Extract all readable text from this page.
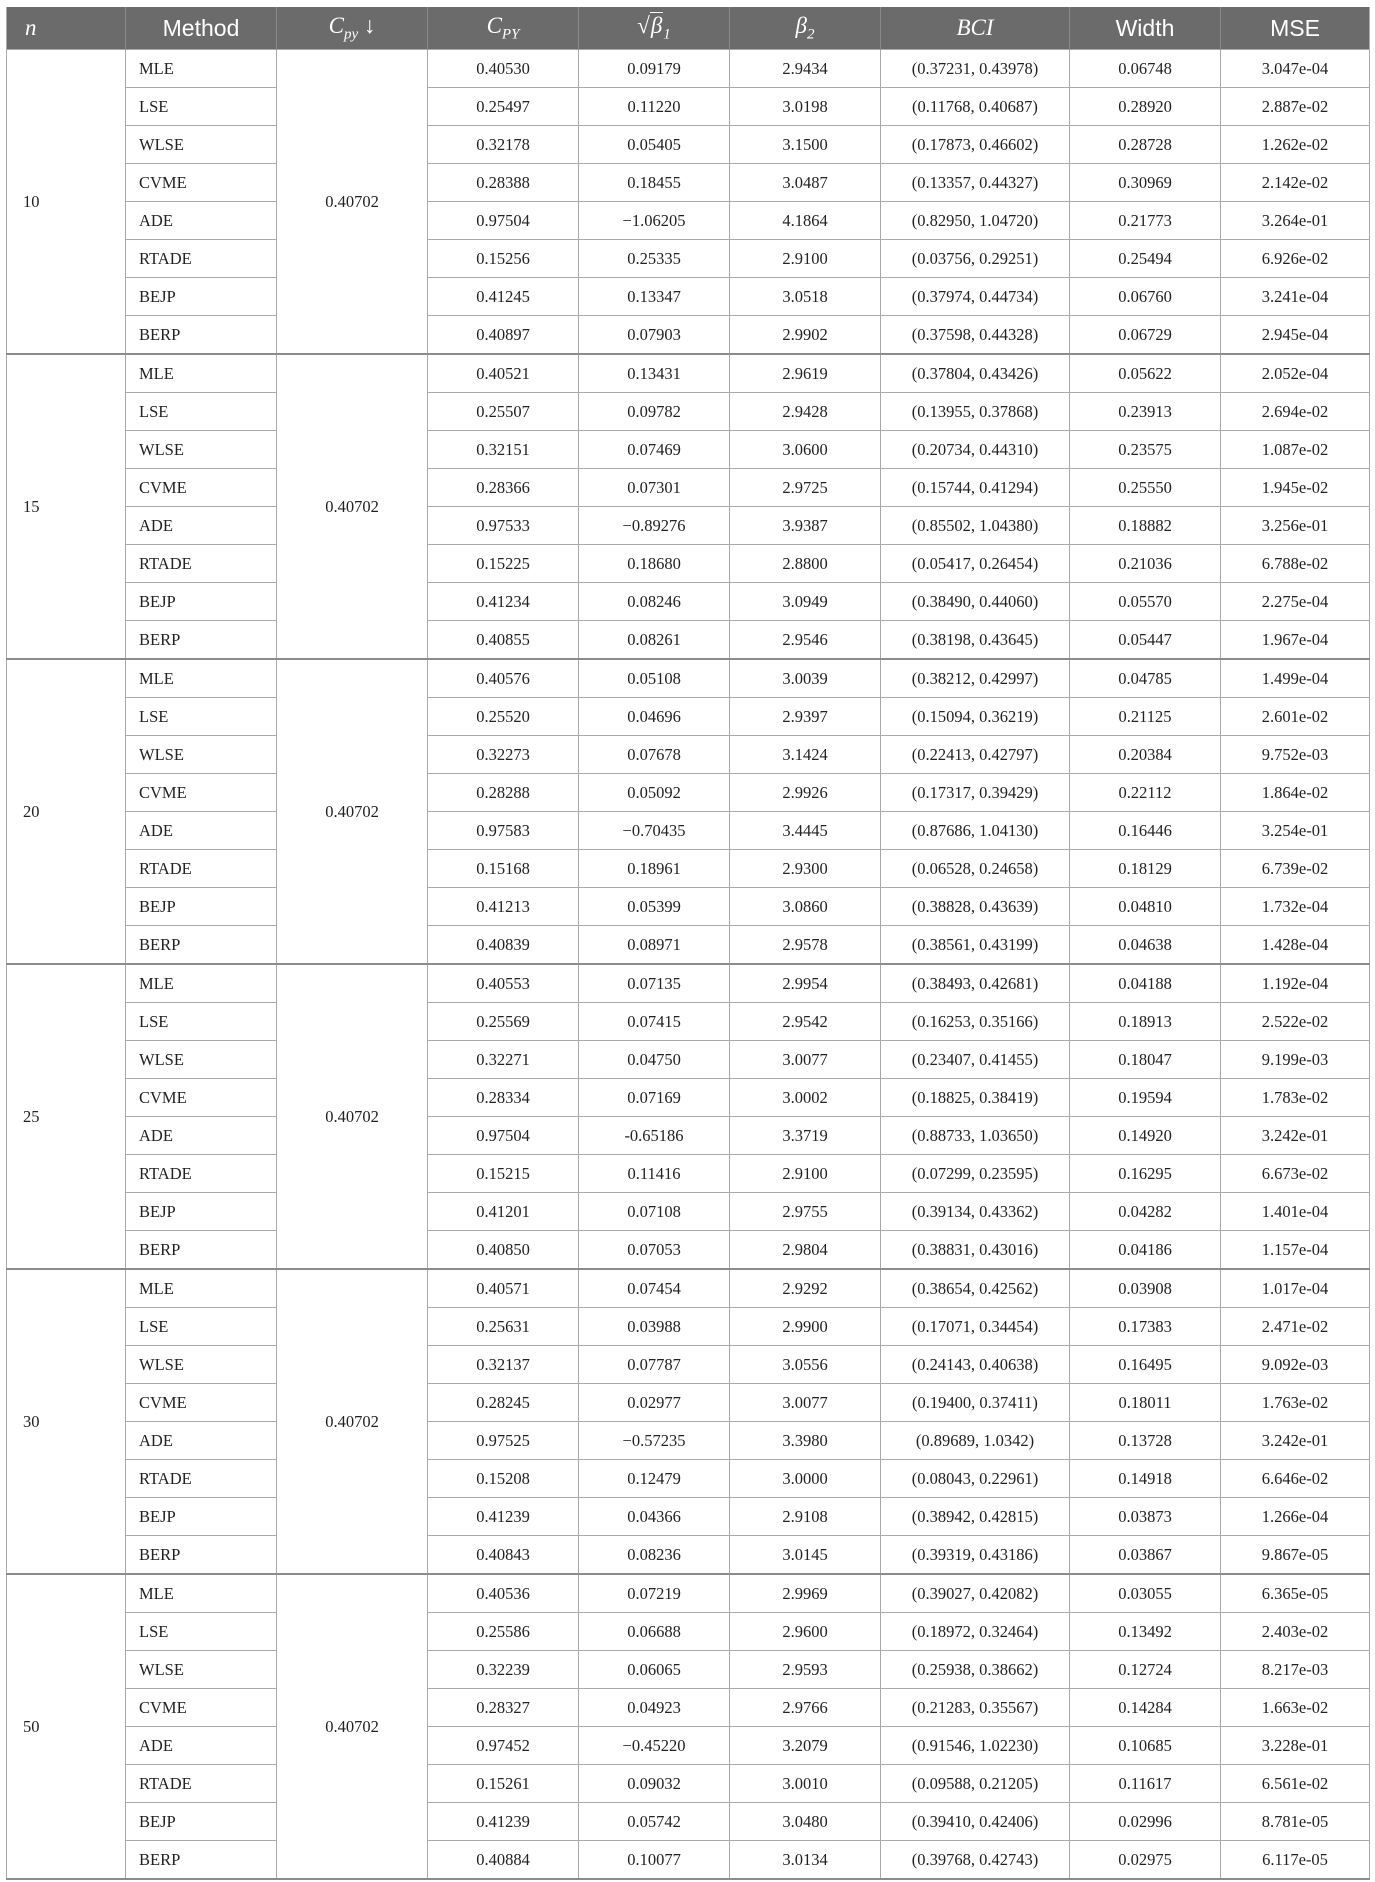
n	Method	$C_{py}$ ↓	ˆ $C_{PY}$	$√\beta_1$	$\beta_2$	BCI	Width	MSE
10	MLE	0.40702	0.40530	0.09179	2.9434	(0.37231, 0.43978)	0.06748	3.047e-04
	LSE		0.25497	0.11220	3.0198	(0.11768, 0.40687)	0.28920	2.887e-02
	WLSE		0.32178	0.05405	3.1500	(0.17873, 0.46602)	0.28728	1.262e-02
	CVME		0.28388	0.18455	3.0487	(0.13357, 0.44327)	0.30969	2.142e-02
	ADE		0.97504	−1.06205	4.1864	(0.82950, 1.04720)	0.21773	3.264e-01
	RTADE		0.15256	0.25335	2.9100	(0.03756, 0.29251)	0.25494	6.926e-02
	BEJP		0.41245	0.13347	3.0518	(0.37974, 0.44734)	0.06760	3.241e-04
	BERP		0.40897	0.07903	2.9902	(0.37598, 0.44328)	0.06729	2.945e-04
15	MLE	0.40702	0.40521	0.13431	2.9619	(0.37804, 0.43426)	0.05622	2.052e-04
	LSE		0.25507	0.09782	2.9428	(0.13955, 0.37868)	0.23913	2.694e-02
	WLSE		0.32151	0.07469	3.0600	(0.20734, 0.44310)	0.23575	1.087e-02
	CVME		0.28366	0.07301	2.9725	(0.15744, 0.41294)	0.25550	1.945e-02
	ADE		0.97533	−0.89276	3.9387	(0.85502, 1.04380)	0.18882	3.256e-01
	RTADE		0.15225	0.18680	2.8800	(0.05417, 0.26454)	0.21036	6.788e-02
	BEJP		0.41234	0.08246	3.0949	(0.38490, 0.44060)	0.05570	2.275e-04
	BERP		0.40855	0.08261	2.9546	(0.38198, 0.43645)	0.05447	1.967e-04
20	MLE	0.40702	0.40576	0.05108	3.0039	(0.38212, 0.42997)	0.04785	1.499e-04
	LSE		0.25520	0.04696	2.9397	(0.15094, 0.36219)	0.21125	2.601e-02
	WLSE		0.32273	0.07678	3.1424	(0.22413, 0.42797)	0.20384	9.752e-03
	CVME		0.28288	0.05092	2.9926	(0.17317, 0.39429)	0.22112	1.864e-02
	ADE		0.97583	−0.70435	3.4445	(0.87686, 1.04130)	0.16446	3.254e-01
	RTADE		0.15168	0.18961	2.9300	(0.06528, 0.24658)	0.18129	6.739e-02
	BEJP		0.41213	0.05399	3.0860	(0.38828, 0.43639)	0.04810	1.732e-04
	BERP		0.40839	0.08971	2.9578	(0.38561, 0.43199)	0.04638	1.428e-04
25	MLE	0.40702	0.40553	0.07135	2.9954	(0.38493, 0.42681)	0.04188	1.192e-04
	LSE		0.25569	0.07415	2.9542	(0.16253, 0.35166)	0.18913	2.522e-02
	WLSE		0.32271	0.04750	3.0077	(0.23407, 0.41455)	0.18047	9.199e-03
	CVME		0.28334	0.07169	3.0002	(0.18825, 0.38419)	0.19594	1.783e-02
	ADE		0.97504	-0.65186	3.3719	(0.88733, 1.03650)	0.14920	3.242e-01
	RTADE		0.15215	0.11416	2.9100	(0.07299, 0.23595)	0.16295	6.673e-02
	BEJP		0.41201	0.07108	2.9755	(0.39134, 0.43362)	0.04282	1.401e-04
	BERP		0.40850	0.07053	2.9804	(0.38831, 0.43016)	0.04186	1.157e-04
30	MLE	0.40702	0.40571	0.07454	2.9292	(0.38654, 0.42562)	0.03908	1.017e-04
	LSE		0.25631	0.03988	2.9900	(0.17071, 0.34454)	0.17383	2.471e-02
	WLSE		0.32137	0.07787	3.0556	(0.24143, 0.40638)	0.16495	9.092e-03
	CVME		0.28245	0.02977	3.0077	(0.19400, 0.37411)	0.18011	1.763e-02
	ADE		0.97525	−0.57235	3.3980	(0.89689, 1.0342)	0.13728	3.242e-01
	RTADE		0.15208	0.12479	3.0000	(0.08043, 0.22961)	0.14918	6.646e-02
	BEJP		0.41239	0.04366	2.9108	(0.38942, 0.42815)	0.03873	1.266e-04
	BERP		0.40843	0.08236	3.0145	(0.39319, 0.43186)	0.03867	9.867e-05
50	MLE	0.40702	0.40536	0.07219	2.9969	(0.39027, 0.42082)	0.03055	6.365e-05
	LSE		0.25586	0.06688	2.9600	(0.18972, 0.32464)	0.13492	2.403e-02
	WLSE		0.32239	0.06065	2.9593	(0.25938, 0.38662)	0.12724	8.217e-03
	CVME		0.28327	0.04923	2.9766	(0.21283, 0.35567)	0.14284	1.663e-02
	ADE		0.97452	−0.45220	3.2079	(0.91546, 1.02230)	0.10685	3.228e-01
	RTADE		0.15261	0.09032	3.0010	(0.09588, 0.21205)	0.11617	6.561e-02
	BEJP		0.41239	0.05742	3.0480	(0.39410, 0.42406)	0.02996	8.781e-05
	BERP		0.40884	0.10077	3.0134	(0.39768, 0.42743)	0.02975	6.117e-05
